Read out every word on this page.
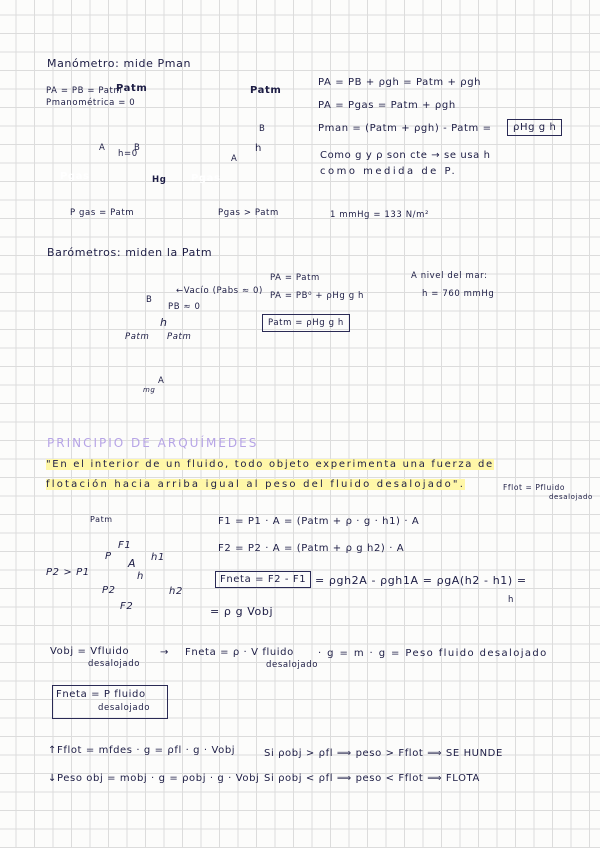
Manómetro: mide Pman
PA = PB = Patm
Pmanométrica = 0
Patm
Pgas	Hg
A	B
h=0
Patm
Pgas
A
B
h
P gas = Patm	Pgas > Patm
PA = PB + ρgh = Patm + ρgh
PA = Pgas = Patm + ρgh
Pman = (Patm + ρgh) - Patm =	ρHg g h
Como g y ρ son cte → se usa h
como medida de P.
1 mmHg = 133 N/m²
Barómetros: miden la Patm
←Vacío (Pabs ≈ 0)
PB ≈ 0
B
A
h
Patm Patm
mg
PA = Patm
PA = PB⁰ + ρHg g h
Patm = ρHg g h
A nivel del mar:
h = 760 mmHg
PRINCIPIO DE ARQUÍMEDES
"En el interior de un fluido, todo objeto experimenta una fuerza de
flotación hacia arriba igual al peso del fluido desalojado".	Fflot = Pfluido
desalojado
Patm
F1
P
A
h
P2
F2
h1
h2
P2 > P1
F1 = P1 · A = (Patm + ρ · g · h1) · A
F2 = P2 · A = (Patm + ρ g h2) · A
Fneta = F2 - F1 = ρgh2A - ρgh1A = ρgA(h2 - h1) =
h
= ρ g Vobj
Vobj = Vfluido
desalojado
→ Fneta = ρ · V fluido
desalojado
· g = m · g = Peso fluido desalojado
Fneta = P fluido
desalojado
↑Fflot = mfdes · g = ρfl · g · Vobj
↓Peso obj = mobj · g = ρobj · g · Vobj
Si ρobj > ρfl ⟹ peso > Fflot ⟹ SE HUNDE
Si ρobj < ρfl ⟹ peso < Fflot ⟹ FLOTA
